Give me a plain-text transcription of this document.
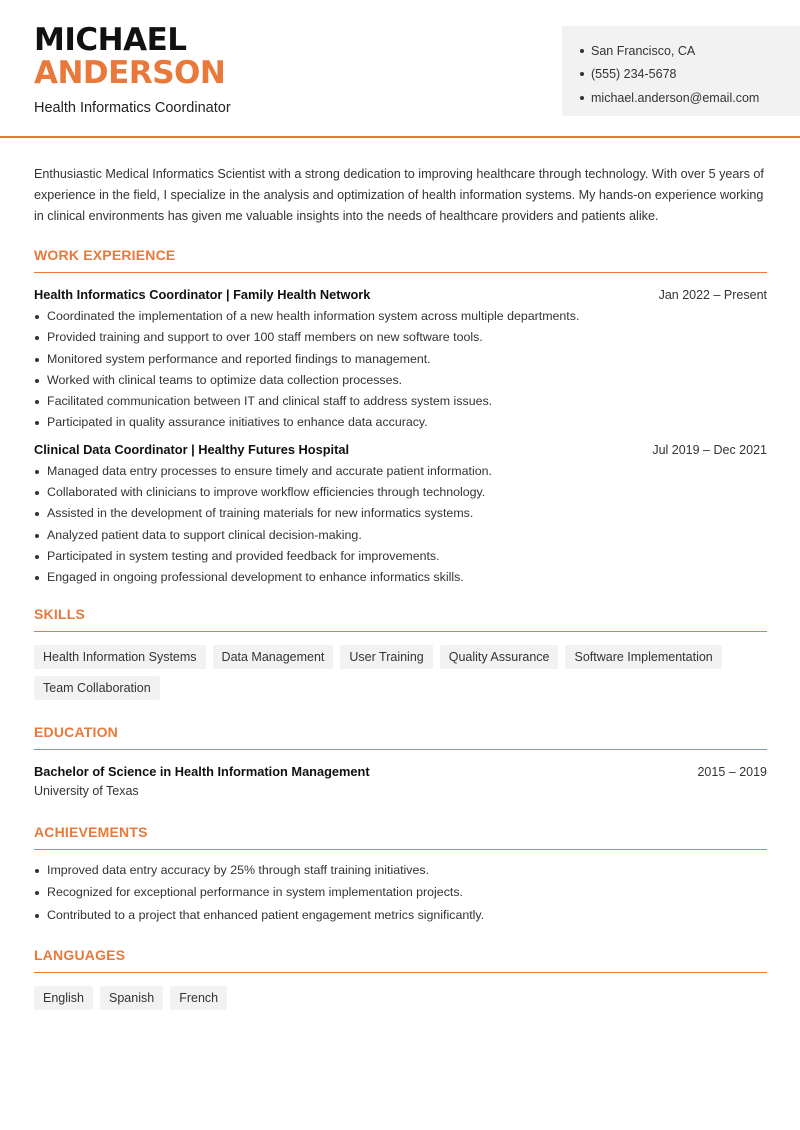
MICHAEL
ANDERSON
Health Informatics Coordinator
San Francisco, CA
(555) 234-5678
michael.anderson@email.com

Enthusiastic Medical Informatics Scientist with a strong dedication to improving healthcare through technology. With over 5 years of experience in the field, I specialize in the analysis and optimization of health information systems. My hands-on experience working in clinical environments has given me valuable insights into the needs of healthcare providers and patients alike.

WORK EXPERIENCE
Health Informatics Coordinator | Family Health Network	Jan 2022 – Present
Coordinated the implementation of a new health information system across multiple departments.
Provided training and support to over 100 staff members on new software tools.
Monitored system performance and reported findings to management.
Worked with clinical teams to optimize data collection processes.
Facilitated communication between IT and clinical staff to address system issues.
Participated in quality assurance initiatives to enhance data accuracy.
Clinical Data Coordinator | Healthy Futures Hospital	Jul 2019 – Dec 2021
Managed data entry processes to ensure timely and accurate patient information.
Collaborated with clinicians to improve workflow efficiencies through technology.
Assisted in the development of training materials for new informatics systems.
Analyzed patient data to support clinical decision-making.
Participated in system testing and provided feedback for improvements.
Engaged in ongoing professional development to enhance informatics skills.
SKILLS
Health Information Systems	Data Management	User Training	Quality Assurance	Software Implementation
Team Collaboration
EDUCATION
Bachelor of Science in Health Information Management	2015 – 2019
University of Texas
ACHIEVEMENTS
Improved data entry accuracy by 25% through staff training initiatives.
Recognized for exceptional performance in system implementation projects.
Contributed to a project that enhanced patient engagement metrics significantly.
LANGUAGES
English	Spanish	French
